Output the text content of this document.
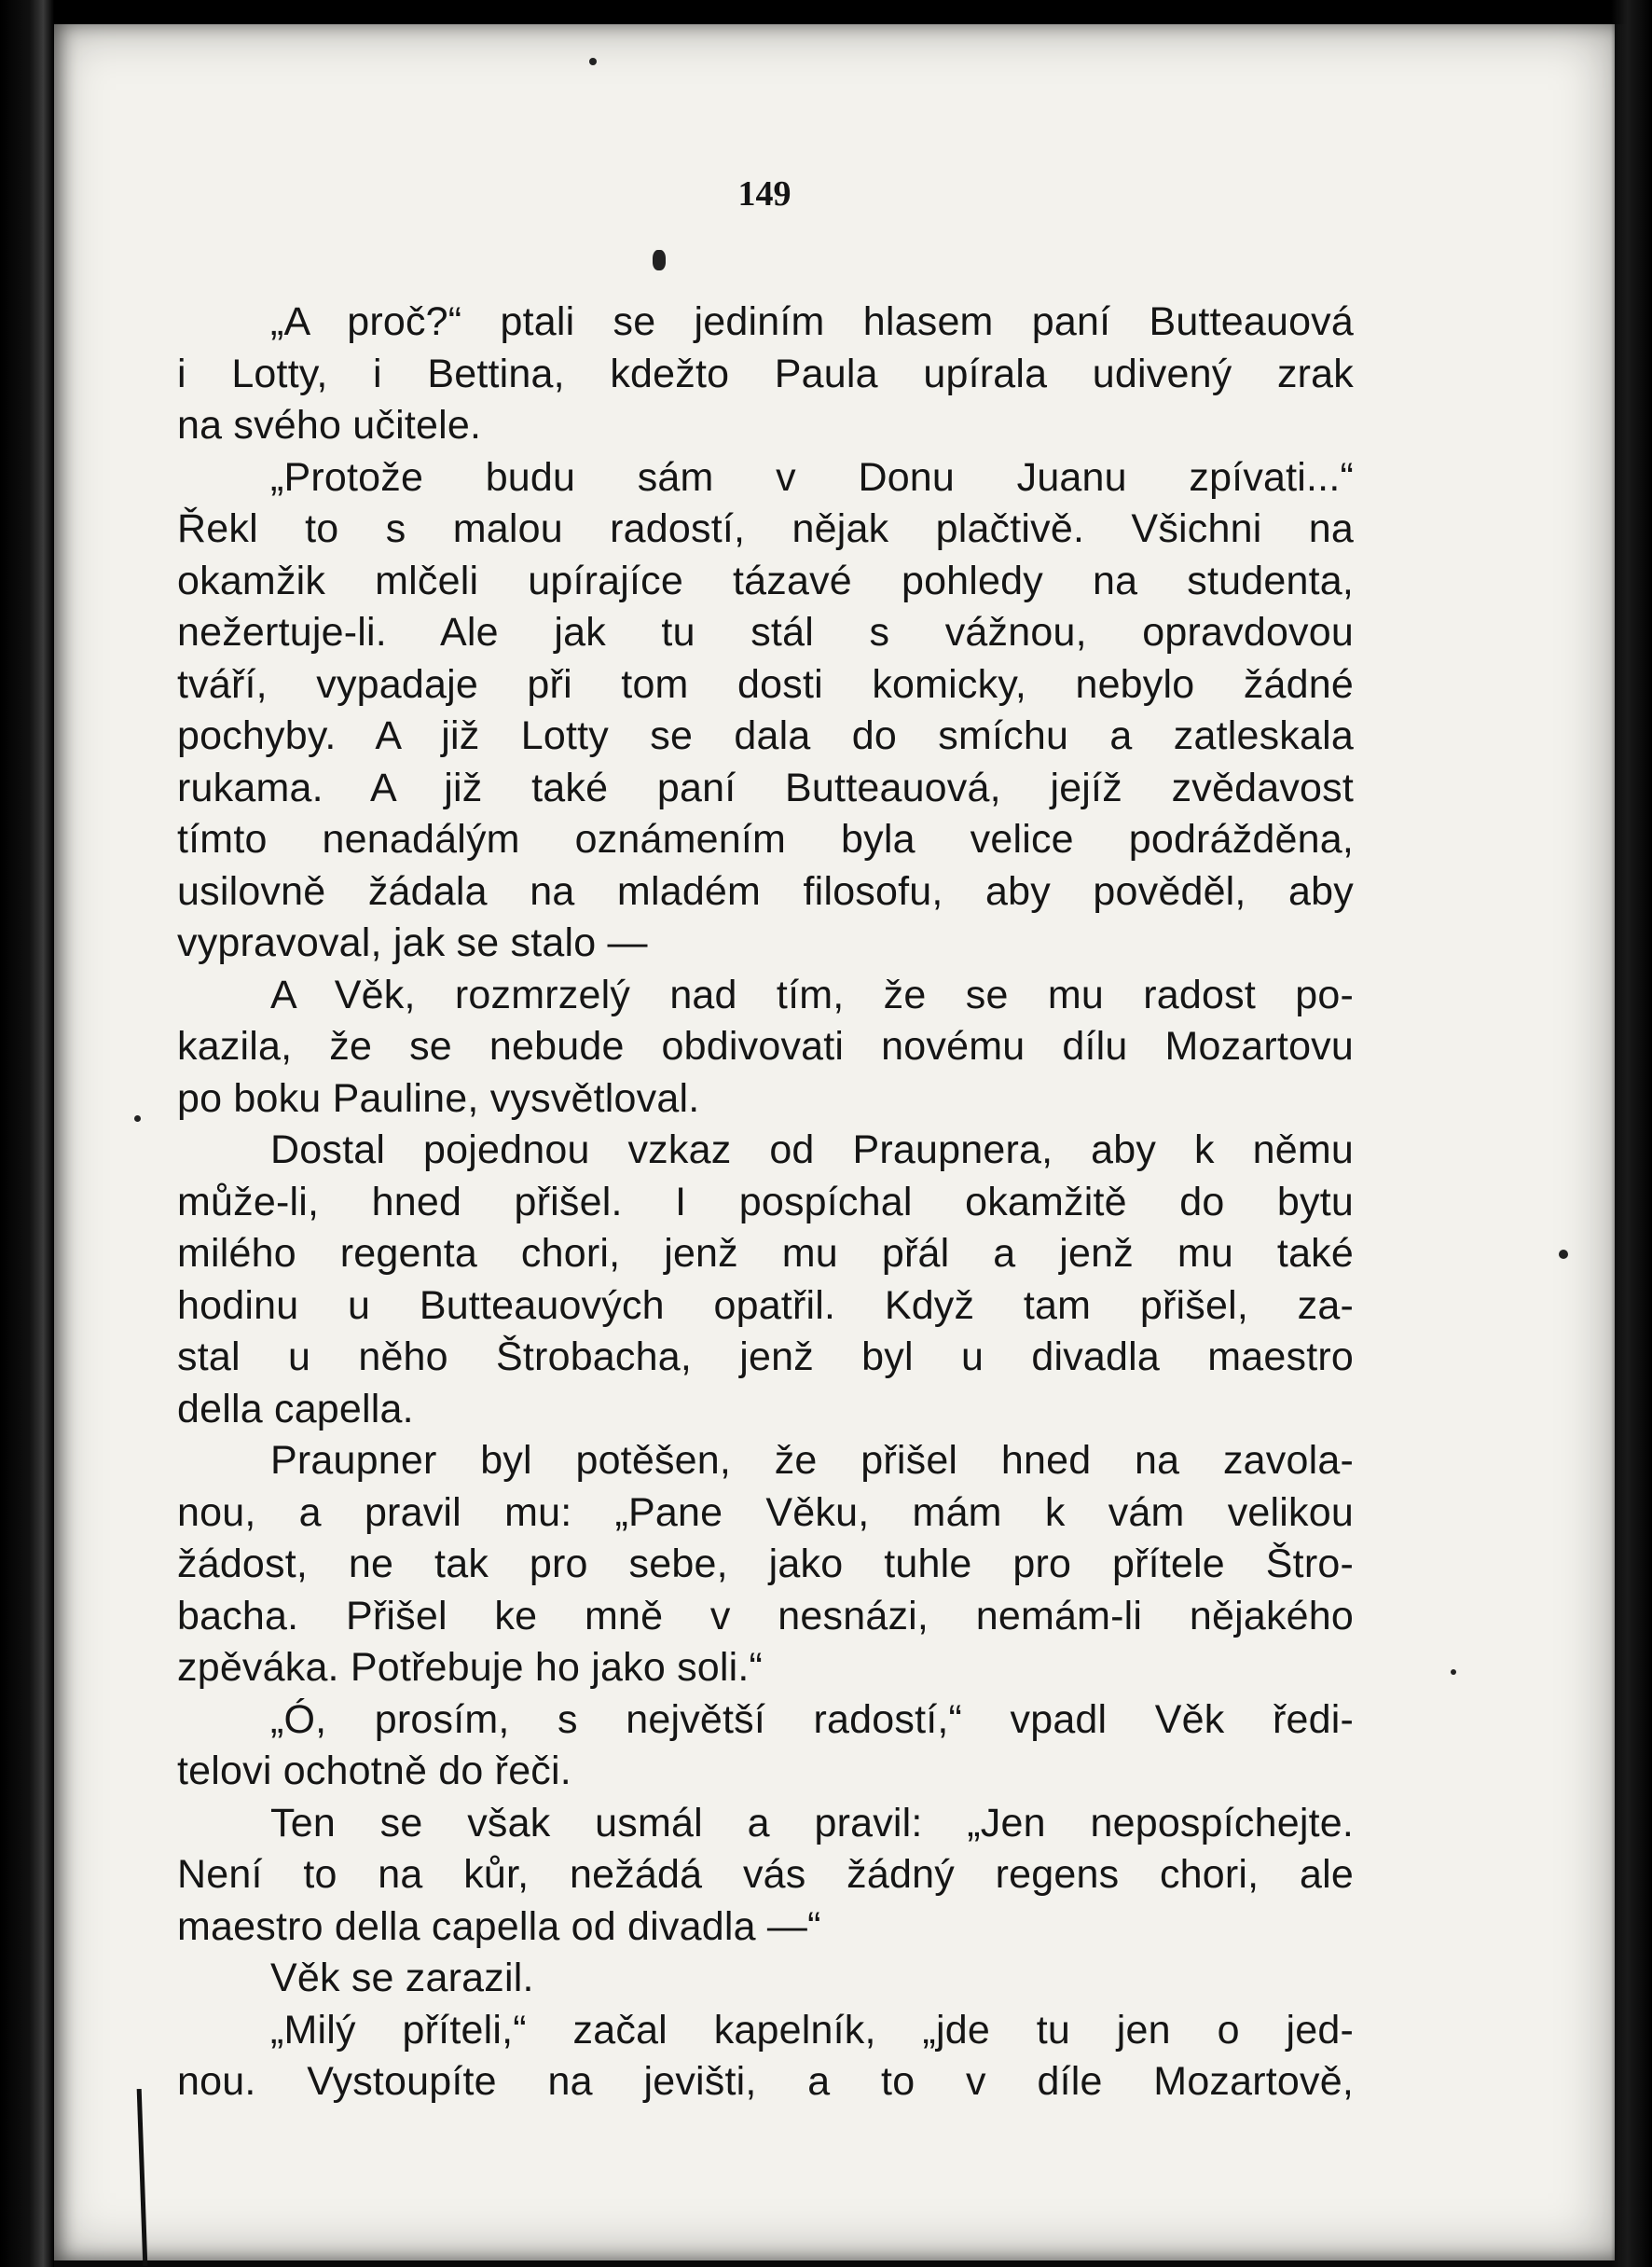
149
„A proč?“ ptali se jediním hlasem paní Butteauová
i Lotty, i Bettina, kdežto Paula upírala udivený zrak
na svého učitele.
„Protože budu sám v Donu Juanu zpívati...“
Řekl to s malou radostí, nějak plačtivě. Všichni na
okamžik mlčeli upírajíce tázavé pohledy na studenta,
nežertuje-li. Ale jak tu stál s vážnou, opravdovou
tváří, vypadaje při tom dosti komicky, nebylo žádné
pochyby. A již Lotty se dala do smíchu a zatleskala
rukama. A již také paní Butteauová, jejíž zvědavost
tímto nenadálým oznámením byla velice podrážděna,
usilovně žádala na mladém filosofu, aby pověděl, aby
vypravoval, jak se stalo —
A Věk, rozmrzelý nad tím, že se mu radost po-
kazila, že se nebude obdivovati novému dílu Mozartovu
po boku Pauline, vysvětloval.
Dostal pojednou vzkaz od Praupnera, aby k němu
může-li, hned přišel. I pospíchal okamžitě do bytu
milého regenta chori, jenž mu přál a jenž mu také
hodinu u Butteauových opatřil. Když tam přišel, za-
stal u něho Štrobacha, jenž byl u divadla maestro
della capella.
Praupner byl potěšen, že přišel hned na zavola-
nou, a pravil mu: „Pane Věku, mám k vám velikou
žádost, ne tak pro sebe, jako tuhle pro přítele Štro-
bacha. Přišel ke mně v nesnázi, nemám-li nějakého
zpěváka. Potřebuje ho jako soli.“
„Ó, prosím, s největší radostí,“ vpadl Věk ředi-
telovi ochotně do řeči.
Ten se však usmál a pravil: „Jen nepospíchejte.
Není to na kůr, nežádá vás žádný regens chori, ale
maestro della capella od divadla —“
Věk se zarazil.
„Milý příteli,“ začal kapelník, „jde tu jen o jed-
nou. Vystoupíte na jevišti, a to v díle Mozartově,
